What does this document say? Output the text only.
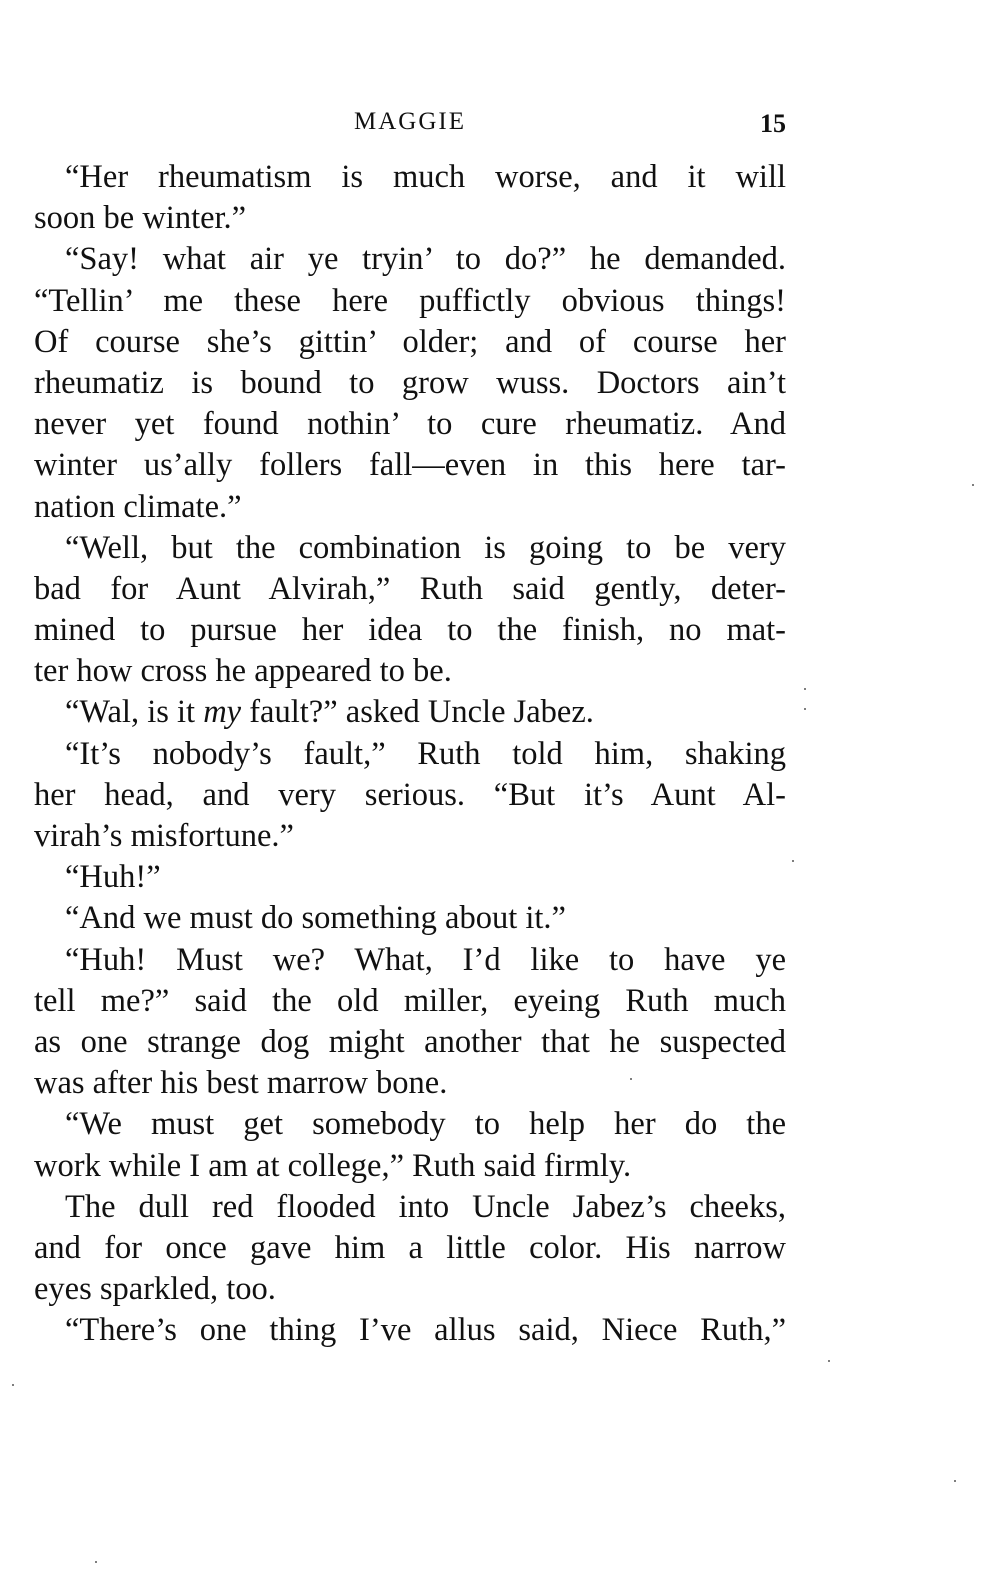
MAGGIE	15
“Her rheumatism is much worse, and it will
soon be winter.”
“Say! what air ye tryin’ to do?” he demanded.
“Tellin’ me these here puffictly obvious things!
Of course she’s gittin’ older; and of course her
rheumatiz is bound to grow wuss. Doctors ain’t
never yet found nothin’ to cure rheumatiz. And
winter us’ally follers fall—even in this here tar-
nation climate.”
“Well, but the combination is going to be very
bad for Aunt Alvirah,” Ruth said gently, deter-
mined to pursue her idea to the finish, no mat-
ter how cross he appeared to be.
“Wal, is it my fault?” asked Uncle Jabez.
“It’s nobody’s fault,” Ruth told him, shaking
her head, and very serious. “But it’s Aunt Al-
virah’s misfortune.”
“Huh!”
“And we must do something about it.”
“Huh! Must we? What, I’d like to have ye
tell me?” said the old miller, eyeing Ruth much
as one strange dog might another that he suspected
was after his best marrow bone.
“We must get somebody to help her do the
work while I am at college,” Ruth said firmly.
The dull red flooded into Uncle Jabez’s cheeks,
and for once gave him a little color. His narrow
eyes sparkled, too.
“There’s one thing I’ve allus said, Niece Ruth,”
